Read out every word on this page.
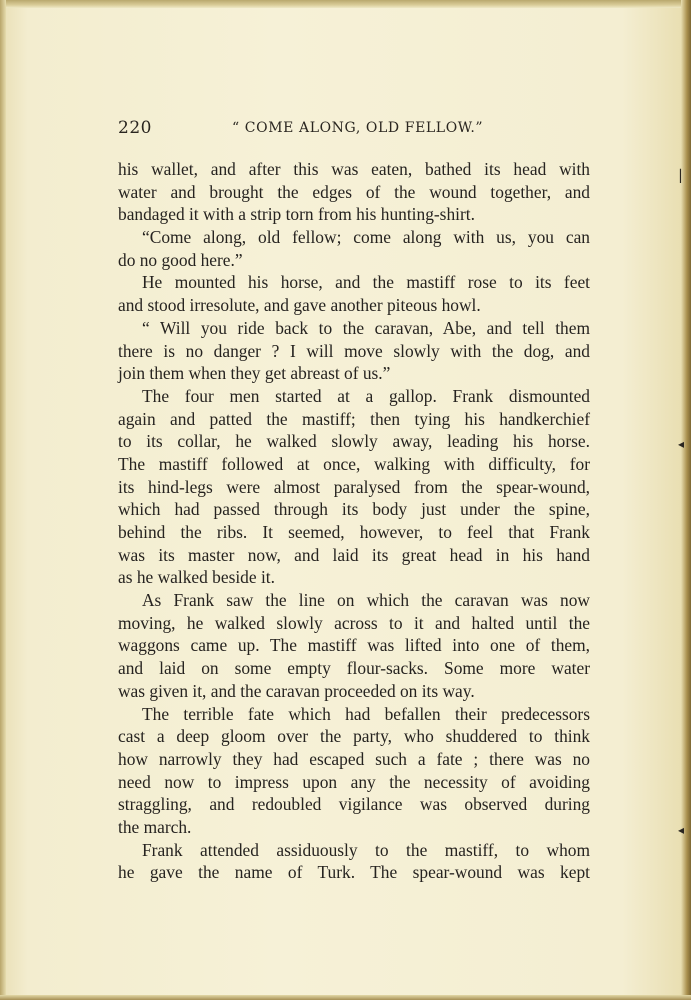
220	“ COME ALONG, OLD FELLOW.”
his wallet, and after this was eaten, bathed its head with
water and brought the edges of the wound together, and
bandaged it with a strip torn from his hunting-shirt.
“Come along, old fellow; come along with us, you can
do no good here.”
He mounted his horse, and the mastiff rose to its feet
and stood irresolute, and gave another piteous howl.
“ Will you ride back to the caravan, Abe, and tell them
there is no danger ? I will move slowly with the dog, and
join them when they get abreast of us.”
The four men started at a gallop. Frank dismounted
again and patted the mastiff; then tying his handkerchief
to its collar, he walked slowly away, leading his horse.
The mastiff followed at once, walking with difficulty, for
its hind-legs were almost paralysed from the spear-wound,
which had passed through its body just under the spine,
behind the ribs. It seemed, however, to feel that Frank
was its master now, and laid its great head in his hand
as he walked beside it.
As Frank saw the line on which the caravan was now
moving, he walked slowly across to it and halted until the
waggons came up. The mastiff was lifted into one of them,
and laid on some empty flour-sacks. Some more water
was given it, and the caravan proceeded on its way.
The terrible fate which had befallen their predecessors
cast a deep gloom over the party, who shuddered to think
how narrowly they had escaped such a fate ; there was no
need now to impress upon any the necessity of avoiding
straggling, and redoubled vigilance was observed during
the march.
Frank attended assiduously to the mastiff, to whom
he gave the name of Turk. The spear-wound was kept
▏
◂
◂
